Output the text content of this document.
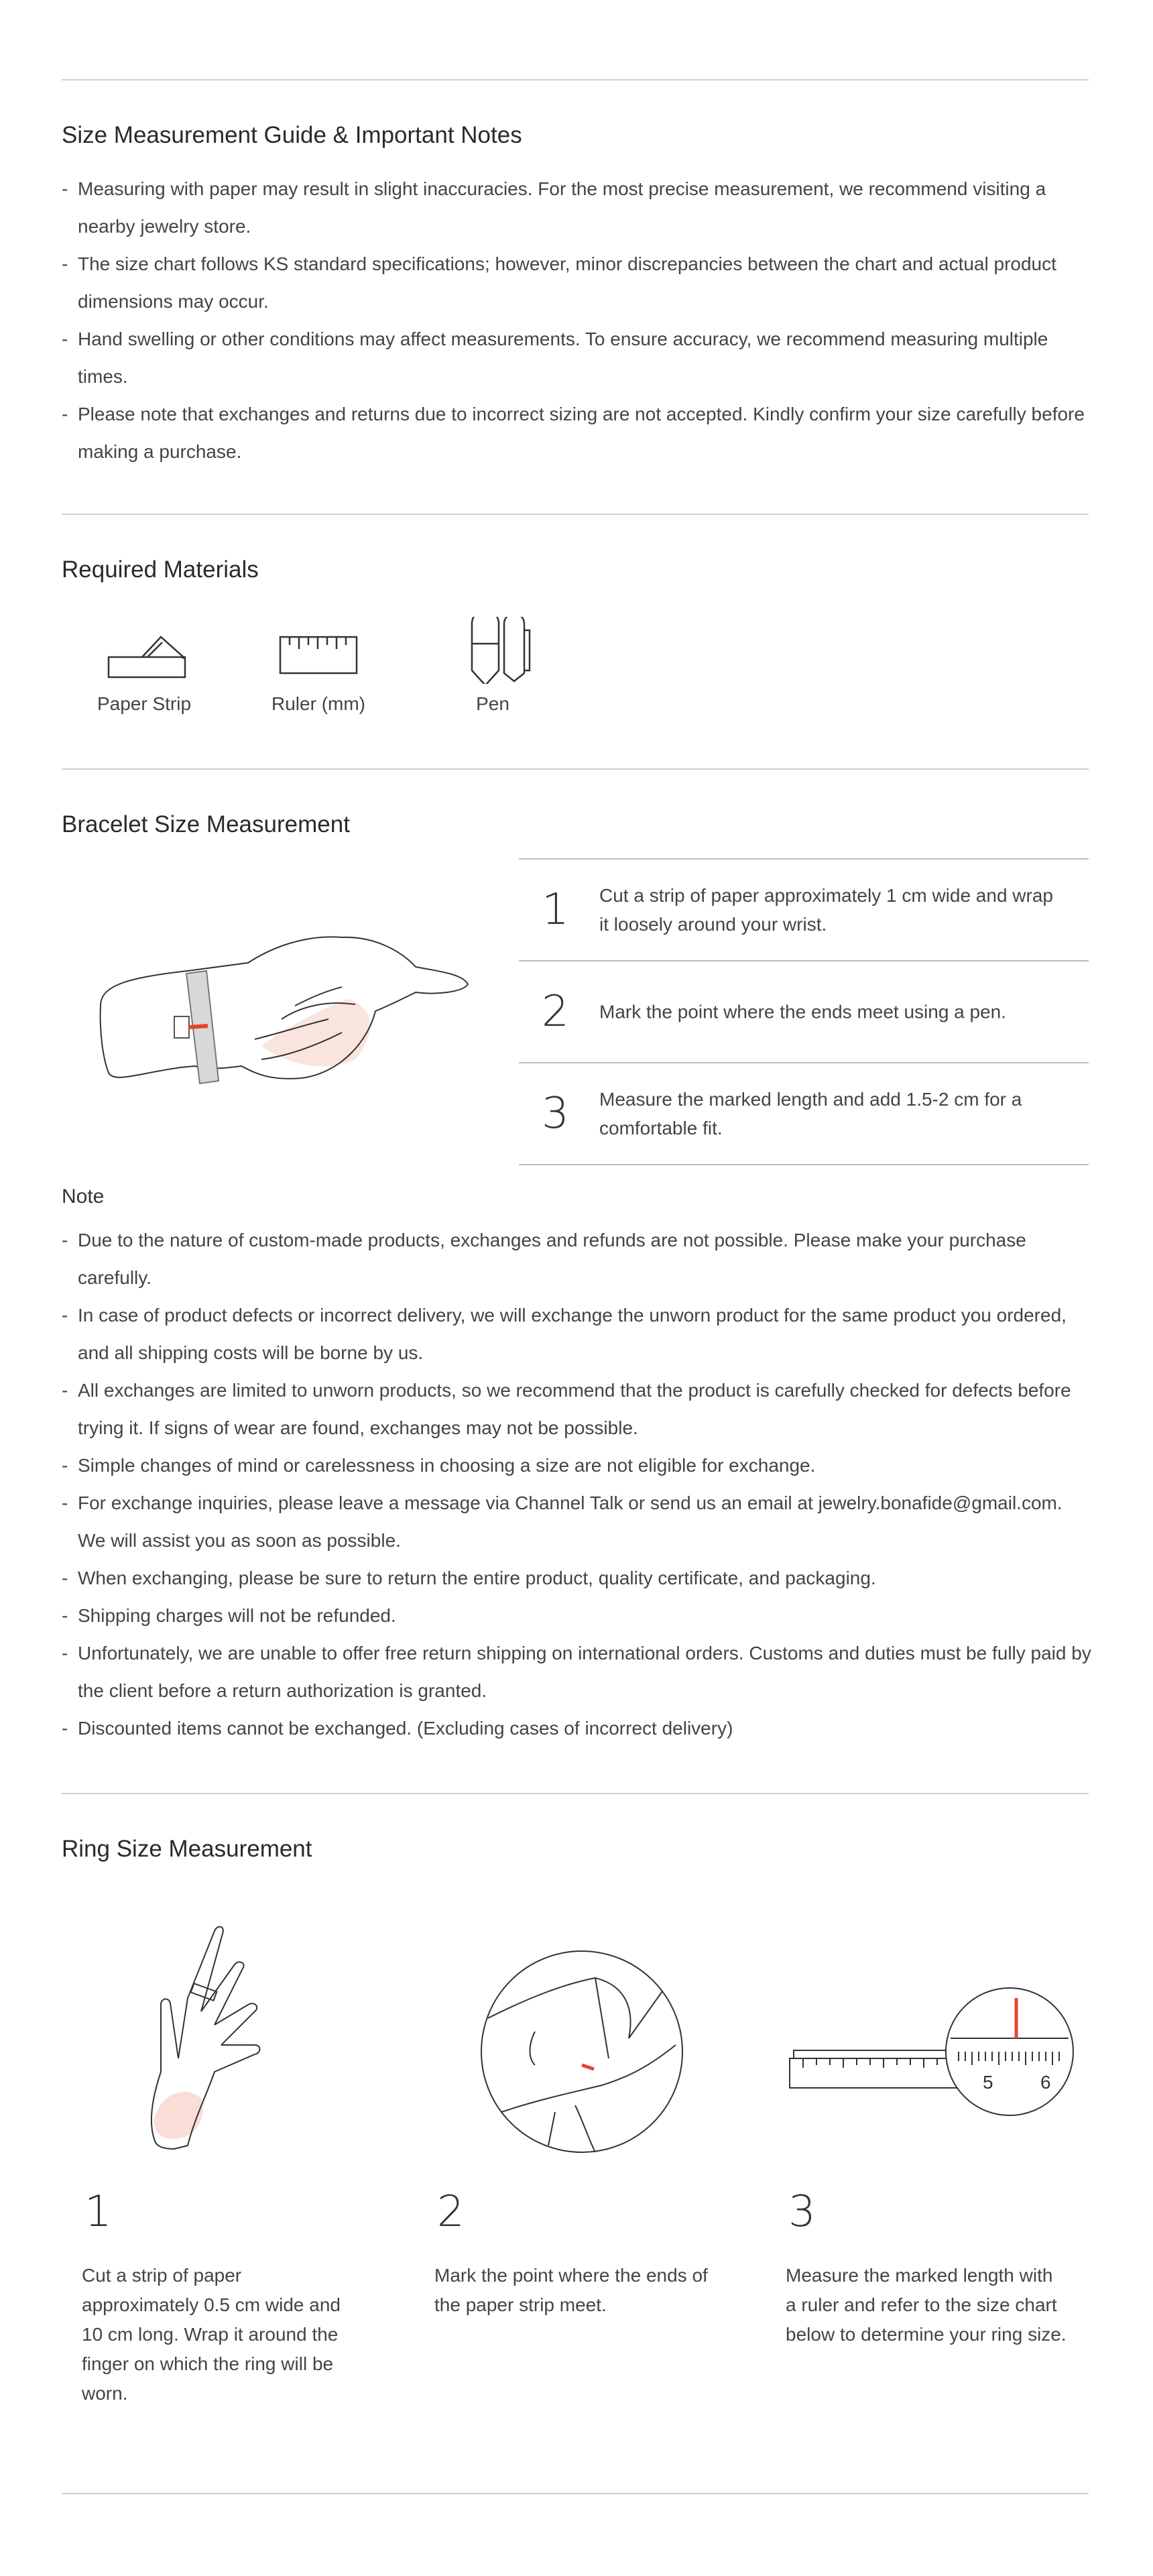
Size Measurement Guide & Important Notes
- Measuring with paper may result in slight inaccuracies. For the most precise measurement, we recommend visiting a nearby jewelry store.
- The size chart follows KS standard specifications; however, minor discrepancies between the chart and actual product dimensions may occur.
- Hand swelling or other conditions may affect measurements. To ensure accuracy, we recommend measuring multiple times.
- Please note that exchanges and returns due to incorrect sizing are not accepted. Kindly confirm your size carefully before making a purchase.
Required Materials
Paper Strip	Ruler (mm)	Pen
Bracelet Size Measurement
1 Cut a strip of paper approximately 1 cm wide and wrap it loosely around your wrist.
2 Mark the point where the ends meet using a pen.
3 Measure the marked length and add 1.5-2 cm for a comfortable fit.
Note
- Due to the nature of custom-made products, exchanges and refunds are not possible. Please make your purchase carefully.
- In case of product defects or incorrect delivery, we will exchange the unworn product for the same product you ordered, and all shipping costs will be borne by us.
- All exchanges are limited to unworn products, so we recommend that the product is carefully checked for defects before trying it. If signs of wear are found, exchanges may not be possible.
- Simple changes of mind or carelessness in choosing a size are not eligible for exchange.
- For exchange inquiries, please leave a message via Channel Talk or send us an email at jewelry.bonafide@gmail.com. We will assist you as soon as possible.
- When exchanging, please be sure to return the entire product, quality certificate, and packaging.
- Shipping charges will not be refunded.
- Unfortunately, we are unable to offer free return shipping on international orders. Customs and duties must be fully paid by the client before a return authorization is granted.
- Discounted items cannot be exchanged. (Excluding cases of incorrect delivery)
Ring Size Measurement
5	6
1
Cut a strip of paper approximately 0.5 cm wide and 10 cm long. Wrap it around the finger on which the ring will be worn.
2
Mark the point where the ends of the paper strip meet.
3
Measure the marked length with a ruler and refer to the size chart below to determine your ring size.
